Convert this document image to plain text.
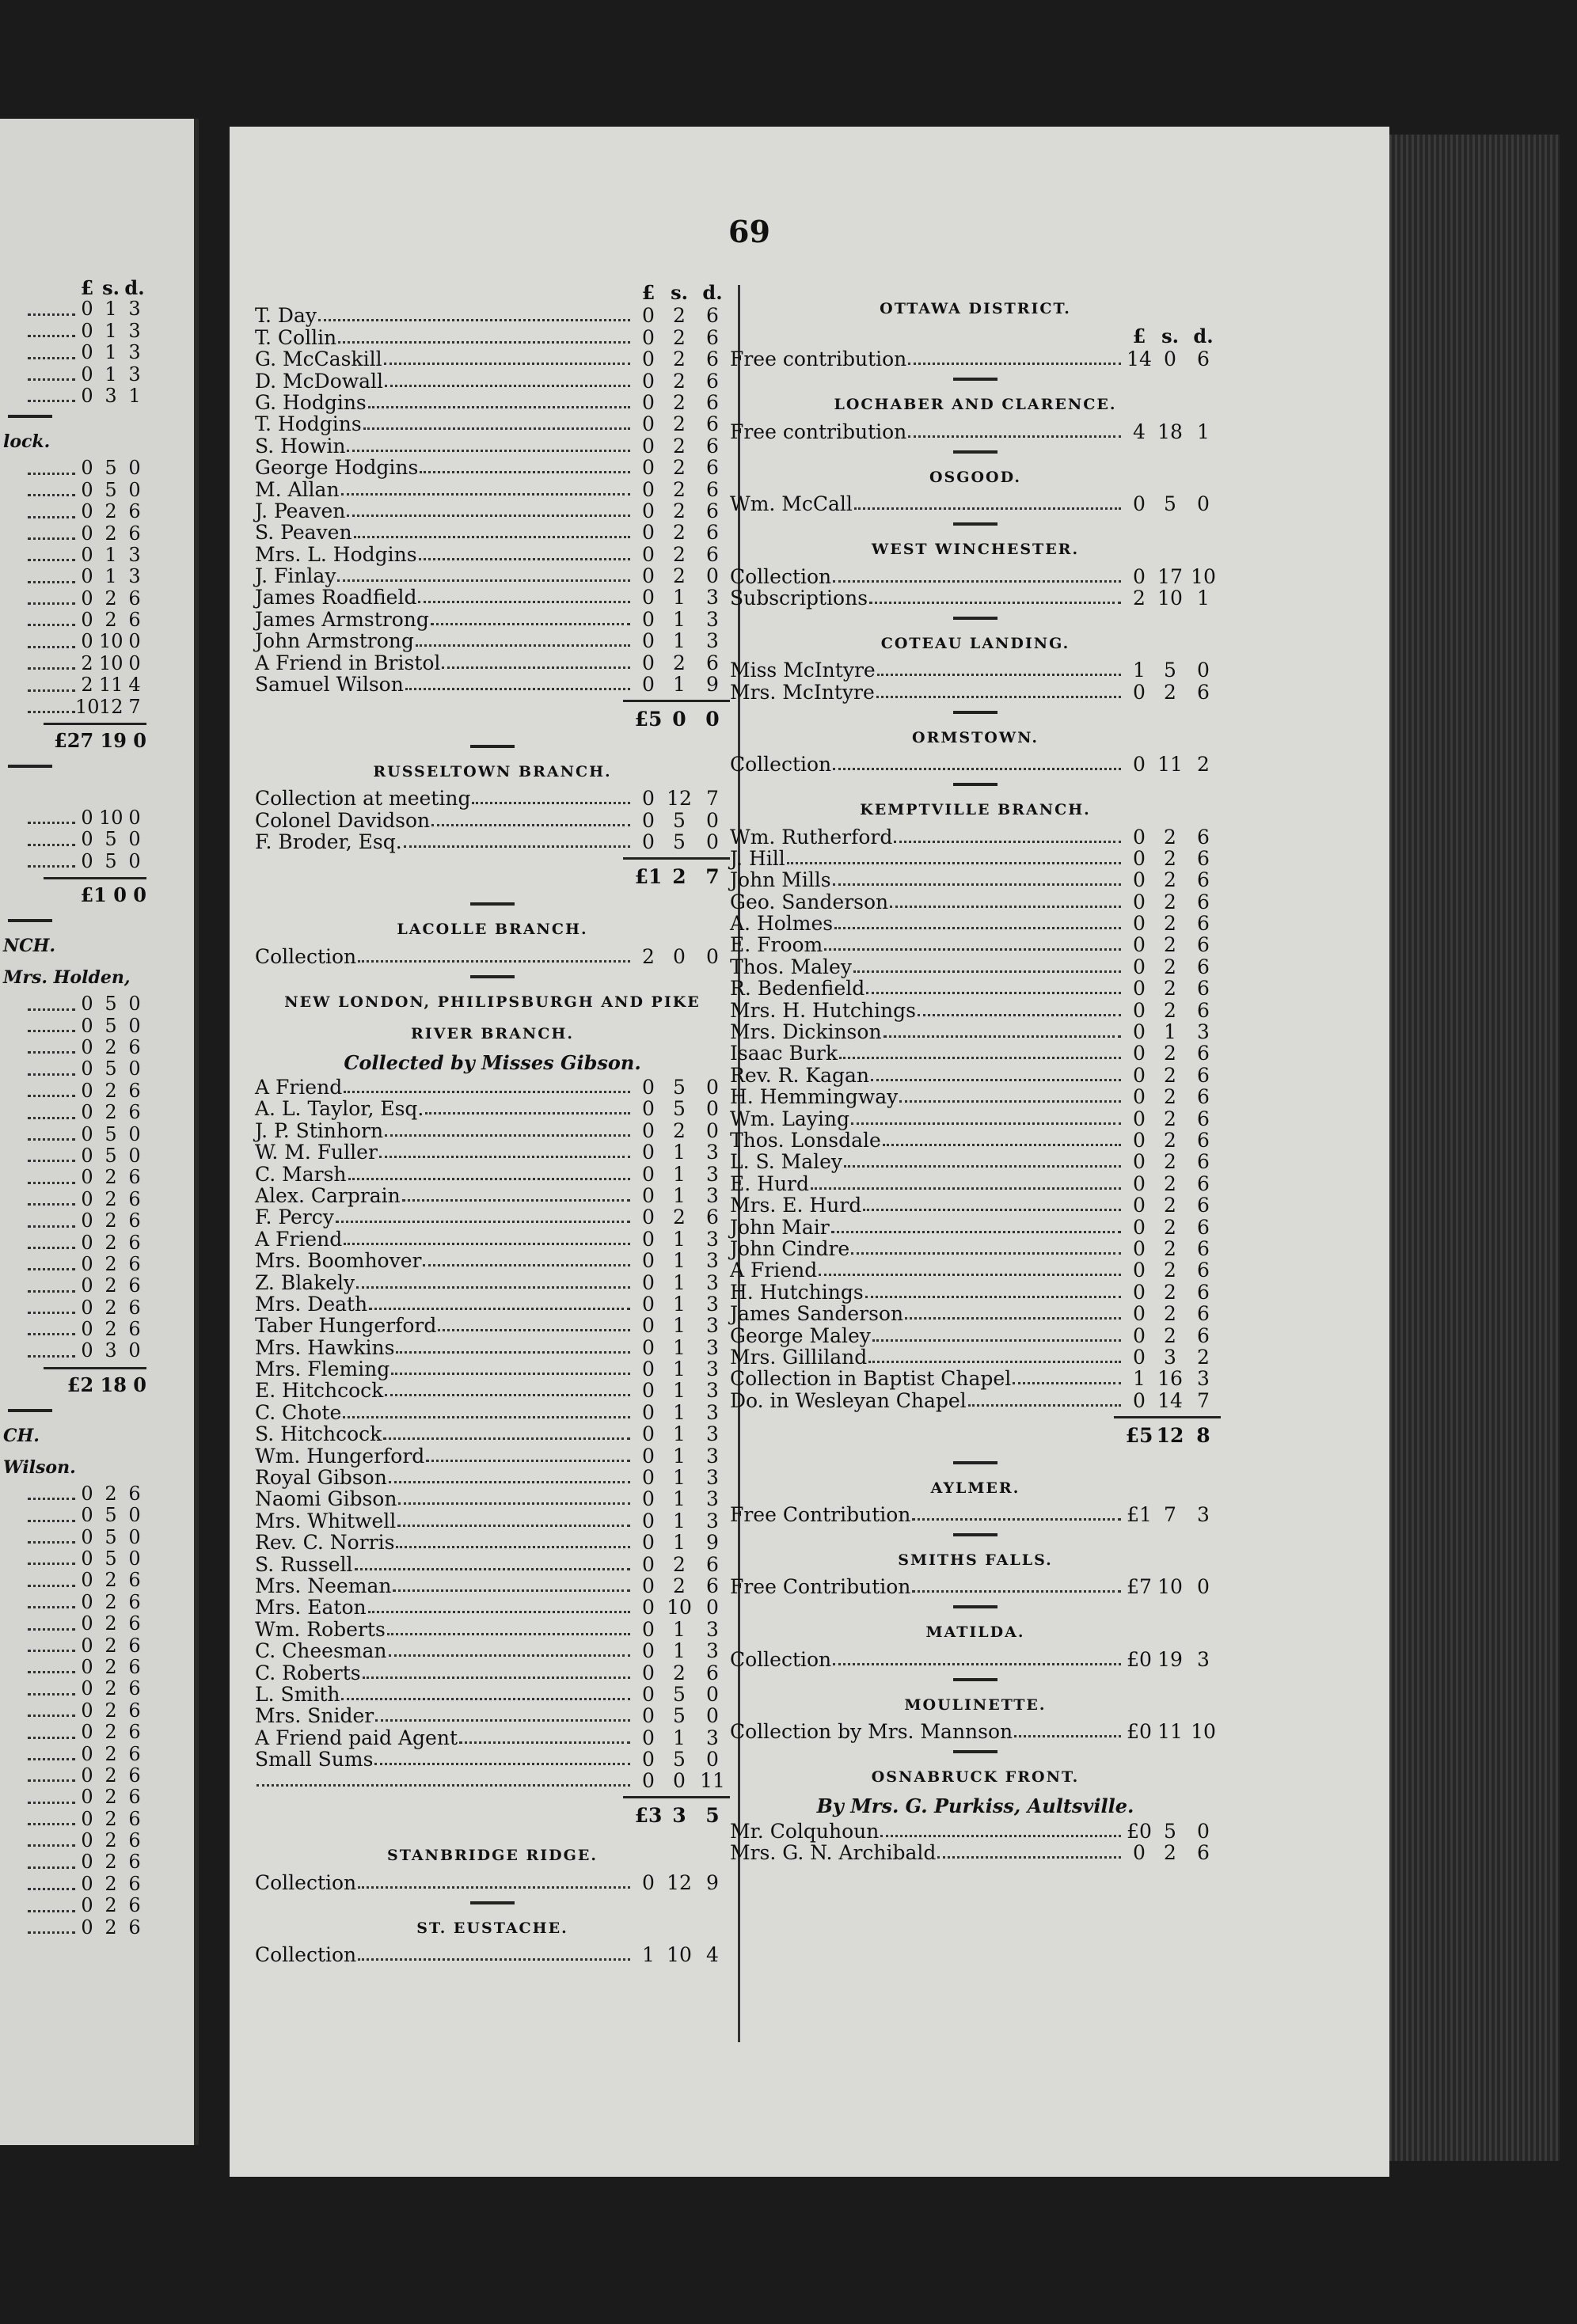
£ s. d.
0 1 3
0 1 3
0 1 3
0 1 3
0 3 1
lock.
0 5 0
0 5 0
0 2 6
0 2 6
0 1 3
0 1 3
0 2 6
0 2 6
0 10 0
2 10 0
2 11 4
10 12 7
£27 19 0
0 10 0
0 5 0
0 5 0
£1 0 0
NCH.
Mrs. Holden,
0 5 0
0 5 0
0 2 6
0 5 0
0 2 6
0 2 6
0 5 0
0 5 0
0 2 6
0 2 6
0 2 6
0 2 6
0 2 6
0 2 6
0 2 6
0 2 6
0 3 0
£2 18 0
CH.
Wilson.
0 2 6
0 5 0
0 5 0
0 5 0
0 2 6
0 2 6
0 2 6
0 2 6
0 2 6
0 2 6
0 2 6
0 2 6
0 2 6
0 2 6
0 2 6
0 2 6
0 2 6
0 2 6
0 2 6
0 2 6
0 2 6
69
£ s. d.
T. Day	0 2	6
T. Collin	0 2	6
G. McCaskill	0 2	6
D. McDowall	0 2	6
G. Hodgins	0 2	6
T. Hodgins	0 2	6
S. Howin	0 2	6
George Hodgins	0 2	6
M. Allan	0 2	6
J. Peaven	0 2	6
S. Peaven	0 2	6
Mrs. L. Hodgins	0 2	6
J. Finlay	0 2	0
James Roadfield	0 1	3
James Armstrong	0 1	3
John Armstrong	0 1	3
A Friend in Bristol	0 2	6
Samuel Wilson	0 1	9
£5 0 0
RUSSELTOWN BRANCH.
Collection at meeting	0 12 7
Colonel Davidson	0 5	0
F. Broder, Esq.	0 5	0
£1 2 7
LACOLLE BRANCH.
Collection	2 0	0
NEW LONDON, PHILIPSBURGH AND PIKE
RIVER BRANCH.
Collected by Misses Gibson.
A Friend	0 5	0
A. L. Taylor, Esq.	0 5	0
J. P. Stinhorn	0 2	0
W. M. Fuller	0 1	3
C. Marsh	0 1	3
Alex. Carprain	0 1	3
F. Percy	0 2	6
A Friend	0 1	3
Mrs. Boomhover	0 1	3
Z. Blakely	0 1	3
Mrs. Death	0 1	3
Taber Hungerford	0 1	3
Mrs. Hawkins	0 1	3
Mrs. Fleming	0 1	3
E. Hitchcock	0 1	3
C. Chote	0 1	3
S. Hitchcock	0 1	3
Wm. Hungerford	0 1	3
Royal Gibson	0 1	3
Naomi Gibson	0 1	3
Mrs. Whitwell	0 1	3
Rev. C. Norris	0 1	9
S. Russell	0 2	6
Mrs. Neeman	0 2	6
Mrs. Eaton	0 10 0
Wm. Roberts	0 1	3
C. Cheesman	0 1	3
C. Roberts	0 2	6
L. Smith	0 5	0
Mrs. Snider	0 5	0
A Friend paid Agent	0 1	3
Small Sums	0 5	0
0 0 11
£3 3 5
STANBRIDGE RIDGE.
Collection	0 12 9
ST. EUSTACHE.
Collection	1 10 4
OTTAWA DISTRICT.
£ s. d.
Free contribution	14 0	6
LOCHABER AND CLARENCE.
Free contribution	4 18 1
OSGOOD.
Wm. McCall	0 5	0
WEST WINCHESTER.
Collection	0 17 10
Subscriptions	2 10 1
COTEAU LANDING.
Miss McIntyre	1 5	0
Mrs. McIntyre	0 2	6
ORMSTOWN.
Collection	0 11 2
KEMPTVILLE BRANCH.
Wm. Rutherford	0 2	6
J. Hill	0 2	6
John Mills	0 2	6
Geo. Sanderson	0 2	6
A. Holmes	0 2	6
E. Froom	0 2	6
Thos. Maley	0 2	6
R. Bedenfield	0 2	6
Mrs. H. Hutchings	0 2	6
Mrs. Dickinson	0 1	3
Isaac Burk	0 2	6
Rev. R. Kagan	0 2	6
H. Hemmingway	0 2	6
Wm. Laying	0 2	6
Thos. Lonsdale	0 2	6
L. S. Maley	0 2	6
E. Hurd	0 2	6
Mrs. E. Hurd	0 2	6
John Mair	0 2	6
John Cindre	0 2	6
A Friend	0 2	6
H. Hutchings	0 2	6
James Sanderson	0 2	6
George Maley	0 2	6
Mrs. Gilliland	0 3	2
Collection in Baptist Chapel	1 16 3
Do. in Wesleyan Chapel	0 14 7
£5 12 8
AYLMER.
Free Contribution	£1 7	3
SMITHS FALLS.
Free Contribution	£7 10 0
MATILDA.
Collection	£0 19 3
MOULINETTE.
Collection by Mrs. Mannson	£0 11 10
OSNABRUCK FRONT.
By Mrs. G. Purkiss, Aultsville.
Mr. Colquhoun	£0 5	0
Mrs. G. N. Archibald	0 2	6
